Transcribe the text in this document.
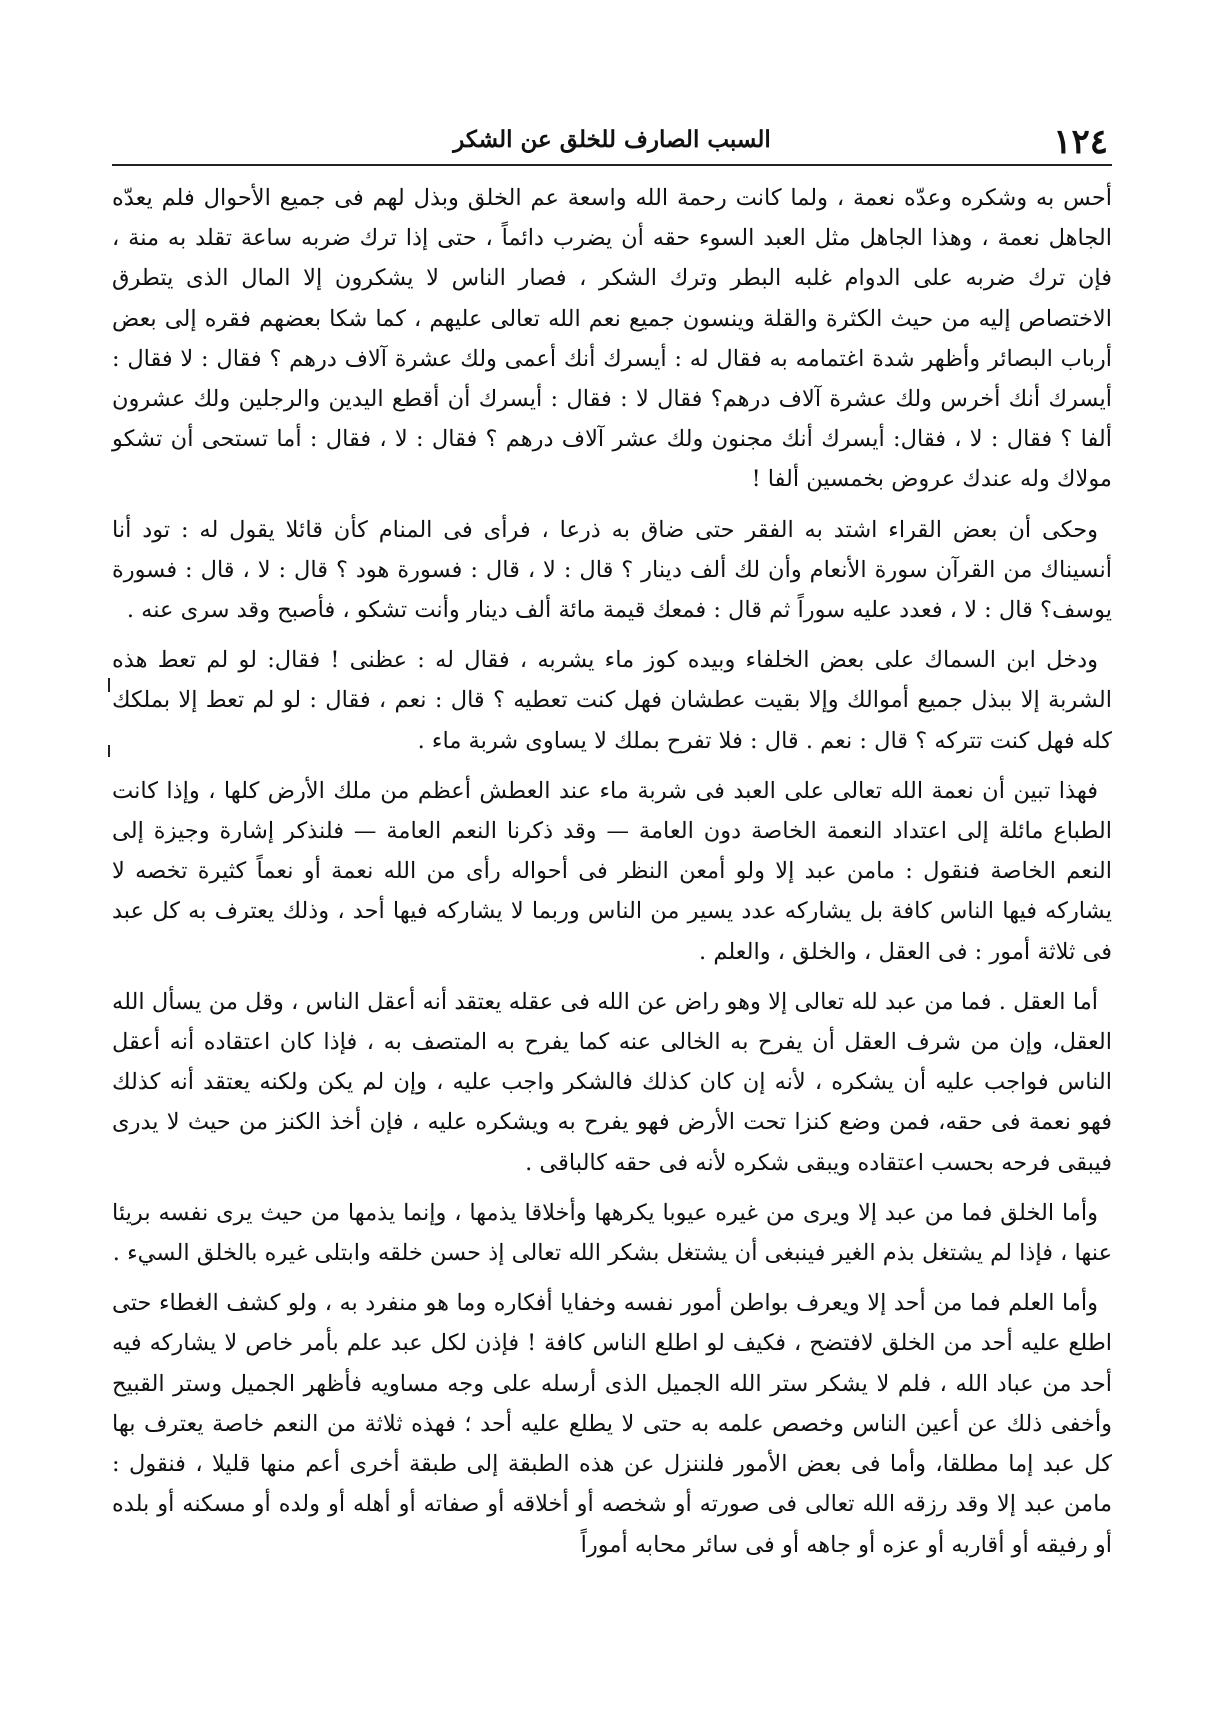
١٢٤
السبب الصارف للخلق عن الشكر

أحس به وشكره وعدّه نعمة ، ولما كانت رحمة الله واسعة عم الخلق وبذل لهم فى جميع الأحوال فلم يعدّه الجاهل نعمة ، وهذا الجاهل مثل العبد السوء حقه أن يضرب دائماً ، حتى إذا ترك ضربه ساعة تقلد به منة ، فإن ترك ضربه على الدوام غلبه البطر وترك الشكر ، فصار الناس لا يشكرون إلا المال الذى يتطرق الاختصاص إليه من حيث الكثرة والقلة وينسون جميع نعم الله تعالى عليهم ، كما شكا بعضهم فقره إلى بعض أرباب البصائر وأظهر شدة اغتمامه به فقال له : أيسرك أنك أعمى ولك عشرة آلاف درهم ؟ فقال : لا فقال : أيسرك أنك أخرس ولك عشرة آلاف درهم؟ فقال لا : فقال : أيسرك أن أقطع اليدين والرجلين ولك عشرون ألفا ؟ فقال : لا ، فقال: أيسرك أنك مجنون ولك عشر آلاف درهم ؟ فقال : لا ، فقال : أما تستحى أن تشكو مولاك وله عندك عروض بخمسين ألفا !

وحكى أن بعض القراء اشتد به الفقر حتى ضاق به ذرعا ، فرأى فى المنام كأن قائلا يقول له : تود أنا أنسيناك من القرآن سورة الأنعام وأن لك ألف دينار ؟ قال : لا ، قال : فسورة هود ؟ قال : لا ، قال : فسورة يوسف؟ قال : لا ، فعدد عليه سوراً ثم قال : فمعك قيمة مائة ألف دينار وأنت تشكو ، فأصبح وقد سرى عنه .

ودخل ابن السماك على بعض الخلفاء وبيده كوز ماء يشربه ، فقال له : عظنى ! فقال: لو لم تعط هذه الشربة إلا ببذل جميع أموالك وإلا بقيت عطشان فهل كنت تعطيه ؟ قال : نعم ، فقال : لو لم تعط إلا بملكك كله فهل كنت تتركه ؟ قال : نعم . قال : فلا تفرح بملك لا يساوى شربة ماء .

فهذا تبين أن نعمة الله تعالى على العبد فى شربة ماء عند العطش أعظم من ملك الأرض كلها ، وإذا كانت الطباع مائلة إلى اعتداد النعمة الخاصة دون العامة — وقد ذكرنا النعم العامة — فلنذكر إشارة وجيزة إلى النعم الخاصة فنقول : مامن عبد إلا ولو أمعن النظر فى أحواله رأى من الله نعمة أو نعماً كثيرة تخصه لا يشاركه فيها الناس كافة بل يشاركه عدد يسير من الناس وربما لا يشاركه فيها أحد ، وذلك يعترف به كل عبد فى ثلاثة أمور : فى العقل ، والخلق ، والعلم .

أما العقل . فما من عبد لله تعالى إلا وهو راض عن الله فى عقله يعتقد أنه أعقل الناس ، وقل من يسأل الله العقل، وإن من شرف العقل أن يفرح به الخالى عنه كما يفرح به المتصف به ، فإذا كان اعتقاده أنه أعقل الناس فواجب عليه أن يشكره ، لأنه إن كان كذلك فالشكر واجب عليه ، وإن لم يكن ولكنه يعتقد أنه كذلك فهو نعمة فى حقه، فمن وضع كنزا تحت الأرض فهو يفرح به ويشكره عليه ، فإن أخذ الكنز من حيث لا يدرى فيبقى فرحه بحسب اعتقاده ويبقى شكره لأنه فى حقه كالباقى .

وأما الخلق فما من عبد إلا ويرى من غيره عيوبا يكرهها وأخلاقا يذمها ، وإنما يذمها من حيث يرى نفسه بريئا عنها ، فإذا لم يشتغل بذم الغير فينبغى أن يشتغل بشكر الله تعالى إذ حسن خلقه وابتلى غيره بالخلق السيء .

وأما العلم فما من أحد إلا ويعرف بواطن أمور نفسه وخفايا أفكاره وما هو منفرد به ، ولو كشف الغطاء حتى اطلع عليه أحد من الخلق لافتضح ، فكيف لو اطلع الناس كافة ! فإذن لكل عبد علم بأمر خاص لا يشاركه فيه أحد من عباد الله ، فلم لا يشكر ستر الله الجميل الذى أرسله على وجه مساويه فأظهر الجميل وستر القبيح وأخفى ذلك عن أعين الناس وخصص علمه به حتى لا يطلع عليه أحد ؛ فهذه ثلاثة من النعم خاصة يعترف بها كل عبد إما مطلقا، وأما فى بعض الأمور فلننزل عن هذه الطبقة إلى طبقة أخرى أعم منها قليلا ، فنقول : مامن عبد إلا وقد رزقه الله تعالى فى صورته أو شخصه أو أخلاقه أو صفاته أو أهله أو ولده أو مسكنه أو بلده أو رفيقه أو أقاربه أو عزه أو جاهه أو فى سائر محابه أموراً
